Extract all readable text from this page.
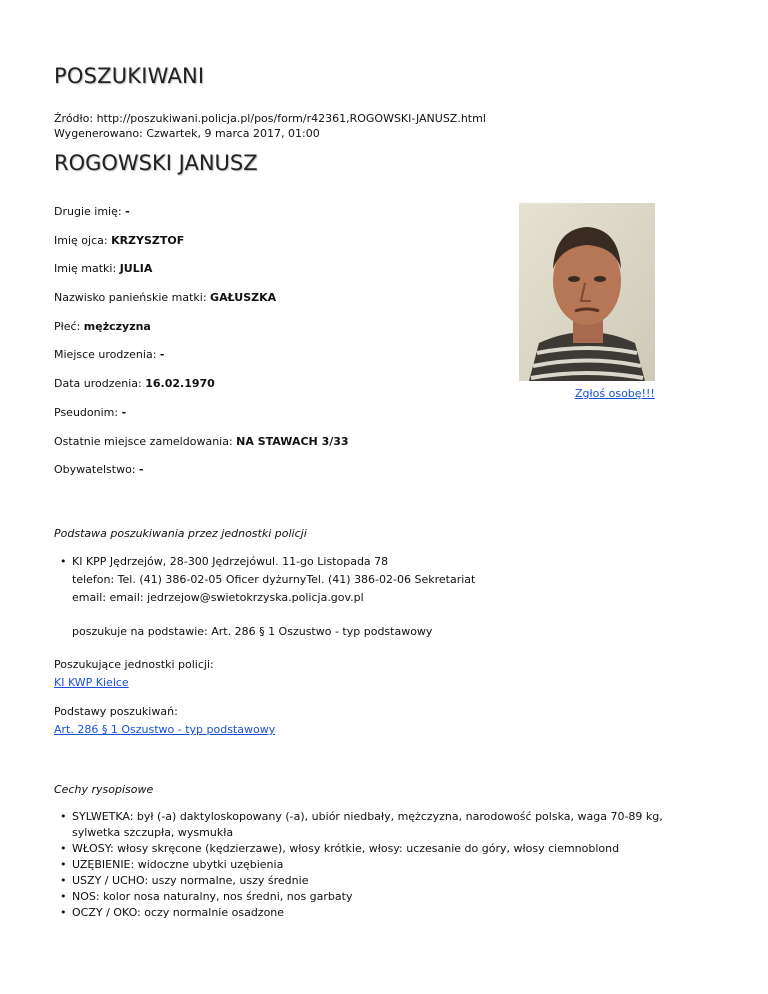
POSZUKIWANI
Źródło: http://poszukiwani.policja.pl/pos/form/r42361,ROGOWSKI-JANUSZ.html
Wygenerowano: Czwartek, 9 marca 2017, 01:00
ROGOWSKI JANUSZ
Drugie imię: -
Imię ojca: KRZYSZTOF
Imię matki: JULIA
Nazwisko panieńskie matki: GAŁUSZKA
Płeć: mężczyzna
Miejsce urodzenia: -
Data urodzenia: 16.02.1970
Pseudonim: -
Ostatnie miejsce zameldowania: NA STAWACH 3/33
Obywatelstwo: -
Zgłoś osobę!!!
Podstawa poszukiwania przez jednostki policji
• KI KPP Jędrzejów, 28-300 Jędrzejówul. 11-go Listopada 78
telefon: Tel. (41) 386-02-05 Oficer dyżurnyTel. (41) 386-02-06 Sekretariat
email: email: jedrzejow@swietokrzyska.policja.gov.pl
poszukuje na podstawie: Art. 286 § 1 Oszustwo - typ podstawowy
Poszukujące jednostki policji:
KI KWP Kielce
Podstawy poszukiwań:
Art. 286 § 1 Oszustwo - typ podstawowy
Cechy rysopisowe
• SYLWETKA: był (-a) daktyloskopowany (-a), ubiór niedbały, mężczyzna, narodowość polska, waga 70-89 kg, sylwetka szczupła, wysmukła
• WŁOSY: włosy skręcone (kędzierzawe), włosy krótkie, włosy: uczesanie do góry, włosy ciemnoblond
• UZĘBIENIE: widoczne ubytki uzębienia
• USZY / UCHO: uszy normalne, uszy średnie
• NOS: kolor nosa naturalny, nos średni, nos garbaty
• OCZY / OKO: oczy normalnie osadzone
